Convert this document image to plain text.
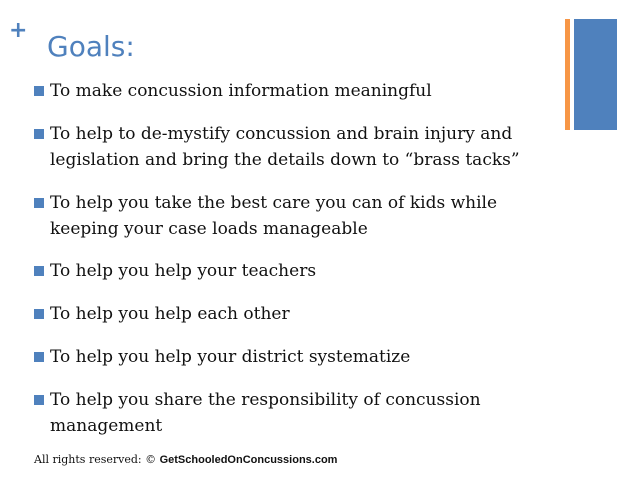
+ Goals:
To make concussion information meaningful
To help to de-mystify concussion and brain injury and legislation and bring the details down to “brass tacks”
To help you take the best care you can of kids while keeping your case loads manageable
To help you help your teachers
To help you help each other
To help you help your district systematize
To help you share the responsibility of concussion management
All rights reserved: © GetSchooledOnConcussions.com
